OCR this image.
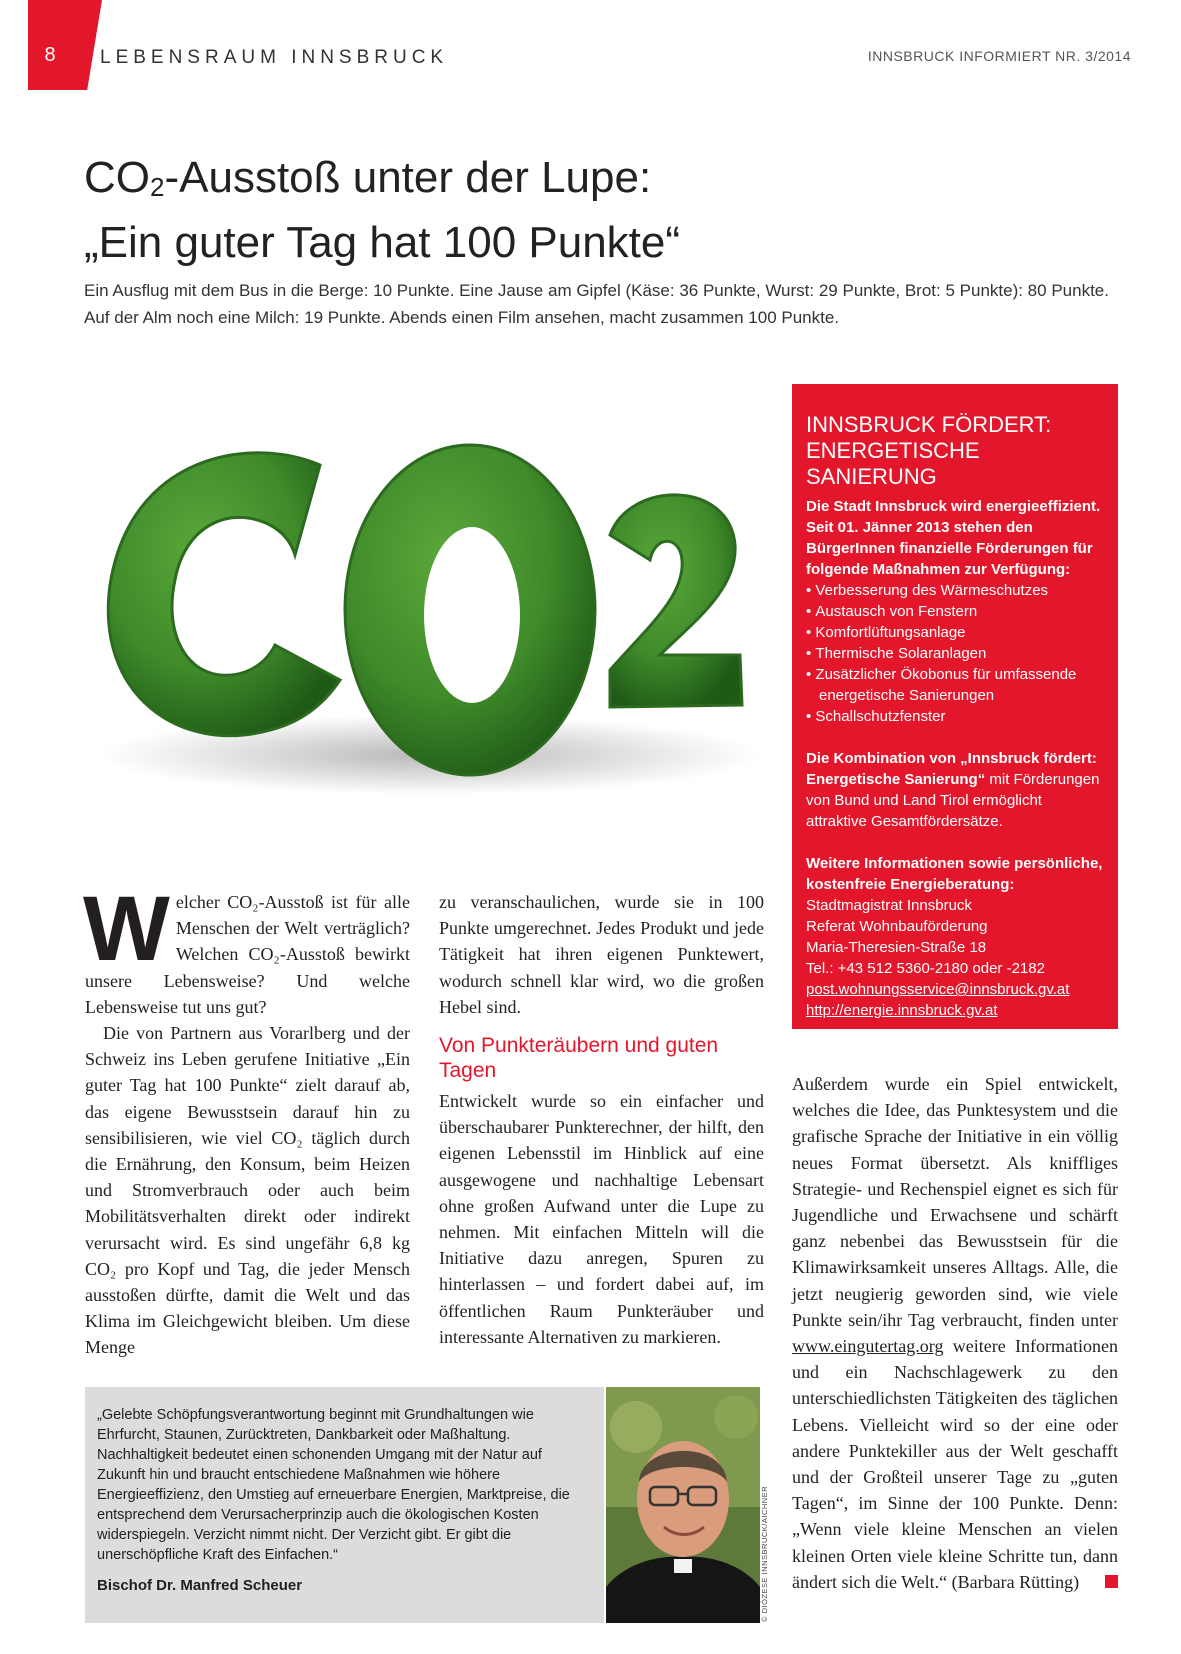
8	LEBENSRAUM INNSBRUCK	INNSBRUCK INFORMIERT NR. 3/2014
$CO_2$-Ausstoß unter der Lupe:
„Ein guter Tag hat 100 Punkte“

Ein Ausflug mit dem Bus in die Berge: 10 Punkte. Eine Jause am Gipfel (Käse: 36 Punkte, Wurst: 29 Punkte, Brot: 5 Punkte): 80 Punkte. Auf der Alm noch eine Milch: 19 Punkte. Abends einen Film ansehen, macht zusammen 100 Punkte.

INNSBRUCK FÖRDERT: ENERGETISCHE SANIERUNG

Die Stadt Innsbruck wird energieeffizient. Seit 01. Jänner 2013 stehen den BürgerInnen finanzielle Förderungen für folgende Maßnahmen zur Verfügung:

• Verbesserung des Wärmeschutzes
• Austausch von Fenstern
• Komfortlüftungsanlage
• Thermische Solaranlagen
• Zusätzlicher Ökobonus für umfassende energetische Sanierungen
• Schallschutzfenster

Die Kombination von „Innsbruck fördert: Energetische Sanierung“ mit Förderungen von Bund und Land Tirol ermöglicht attraktive Gesamtfördersätze.

Weitere Informationen sowie persönliche, kostenfreie Energieberatung:

Stadtmagistrat Innsbruck

Referat Wohnbauförderung

Maria-Theresien-Straße 18

Tel.: +43 512 5360-2180 oder -2182

post.wohnungsservice@innsbruck.gv.at
http://energie.innsbruck.gv.at

Welcher CO₂-Ausstoß ist für alle Menschen der Welt verträglich? Welchen CO₂-Ausstoß bewirkt unsere Lebensweise? Und welche Lebensweise tut uns gut?

Die von Partnern aus Vorarlberg und der Schweiz ins Leben gerufene Initiative „Ein guter Tag hat 100 Punkte“ zielt darauf ab, das eigene Bewusstsein darauf hin zu sensibilisieren, wie viel CO₂ täglich durch die Ernährung, den Konsum, beim Heizen und Stromverbrauch oder auch beim Mobilitätsverhalten direkt oder indirekt verursacht wird. Es sind ungefähr 6,8 kg CO₂ pro Kopf und Tag, die jeder Mensch ausstoßen dürfte, damit die Welt und das Klima im Gleichgewicht bleiben. Um diese Menge

zu veranschaulichen, wurde sie in 100 Punkte umgerechnet. Jedes Produkt und jede Tätigkeit hat ihren eigenen Punktewert, wodurch schnell klar wird, wo die großen Hebel sind.

Von Punkteräubern und guten Tagen

Entwickelt wurde so ein einfacher und überschaubarer Punkterechner, der hilft, den eigenen Lebensstil im Hinblick auf eine ausgewogene und nachhaltige Lebensart ohne großen Aufwand unter die Lupe zu nehmen. Mit einfachen Mitteln will die Initiative dazu anregen, Spuren zu hinterlassen – und fordert dabei auf, im öffentlichen Raum Punkteräuber und interessante Alternativen zu markieren.

Außerdem wurde ein Spiel entwickelt, welches die Idee, das Punktesystem und die grafische Sprache der Initiative in ein völlig neues Format übersetzt. Als kniffliges Strategie- und Rechenspiel eignet es sich für Jugendliche und Erwachsene und schärft ganz nebenbei das Bewusstsein für die Klimawirksamkeit unseres Alltags. Alle, die jetzt neugierig geworden sind, wie viele Punkte sein/ihr Tag verbraucht, finden unter www.eingutertag.org weitere Informationen und ein Nachschlagewerk zu den unterschiedlichsten Tätigkeiten des täglichen Lebens. Vielleicht wird so der eine oder andere Punktekiller aus der Welt geschafft und der Großteil unserer Tage zu „guten Tagen“, im Sinne der 100 Punkte. Denn: „Wenn viele kleine Menschen an vielen kleinen Orten viele kleine Schritte tun, dann ändert sich die Welt.“ (Barbara Rütting)

„Gelebte Schöpfungsverantwortung beginnt mit Grundhaltungen wie Ehrfurcht, Staunen, Zurücktreten, Dankbarkeit oder Maßhaltung. Nachhaltigkeit bedeutet einen schonenden Umgang mit der Natur auf Zukunft hin und braucht entschiedene Maßnahmen wie höhere Energieeffizienz, den Umstieg auf erneuerbare Energien, Marktpreise, die entsprechend dem Verursacherprinzip auch die ökologischen Kosten widerspiegeln. Verzicht nimmt nicht. Der Verzicht gibt. Er gibt die unerschöpfliche Kraft des Einfachen.“

Bischof Dr. Manfred Scheuer	© DIÖZESE INNSBRUCK/AICHNER
